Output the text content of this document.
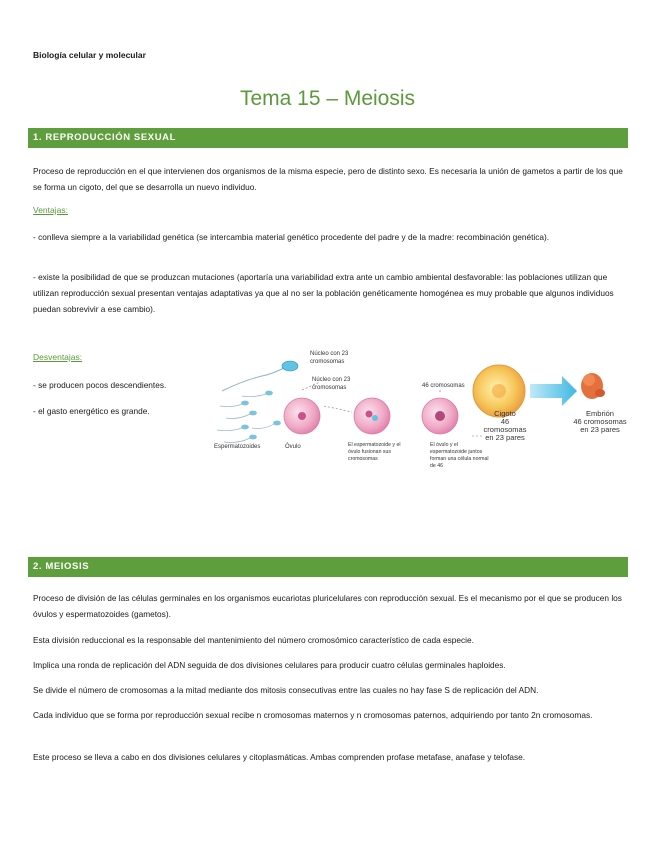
Biología celular y molecular
Tema 15 – Meiosis
1. REPRODUCCIÓN SEXUAL
Proceso de reproducción en el que intervienen dos organismos de la misma especie, pero de distinto sexo. Es necesaria la unión de gametos a partir de los que se forma un cigoto, del que se desarrolla un nuevo individuo.
Ventajas:
- conlleva siempre a la variabilidad genética (se intercambia material genético procedente del padre y de la madre: recombinación genética).
- existe la posibilidad de que se produzcan mutaciones (aportaría una variabilidad extra ante un cambio ambiental desfavorable: las poblaciones utilizan que utilizan reproducción sexual presentan ventajas adaptativas ya que al no ser la población genéticamente homogénea es muy probable que algunos individuos puedan sobrevivir a ese cambio).
Desventajas:
- se producen pocos descendientes.
- el gasto energético es grande.
Núcleo con 23 cromosomas
Núcleo con 23 cromosomas	46 cromosomas
Cigoto
46 cromosomas en 23 pares
Embrión
46 cromosomas en 23 pares
Espermatozoides	Óvulo	El espermatozoide y el óvulo fusionan sus cromosomas
El óvulo y el espermatozoide juntos forman una célula normal de 46
2. MEIOSIS
Proceso de división de las células germinales en los organismos eucariotas pluricelulares con reproducción sexual. Es el mecanismo por el que se producen los óvulos y espermatozoides (gametos).
Esta división reduccional es la responsable del mantenimiento del número cromosómico característico de cada especie.
Implica una ronda de replicación del ADN seguida de dos divisiones celulares para producir cuatro células germinales haploides.
Se divide el número de cromosomas a la mitad mediante dos mitosis consecutivas entre las cuales no hay fase S de replicación del ADN.
Cada individuo que se forma por reproducción sexual recibe n cromosomas maternos y n cromosomas paternos, adquiriendo por tanto 2n cromosomas.
Este proceso se lleva a cabo en dos divisiones celulares y citoplasmáticas. Ambas comprenden profase metafase, anafase y telofase.
